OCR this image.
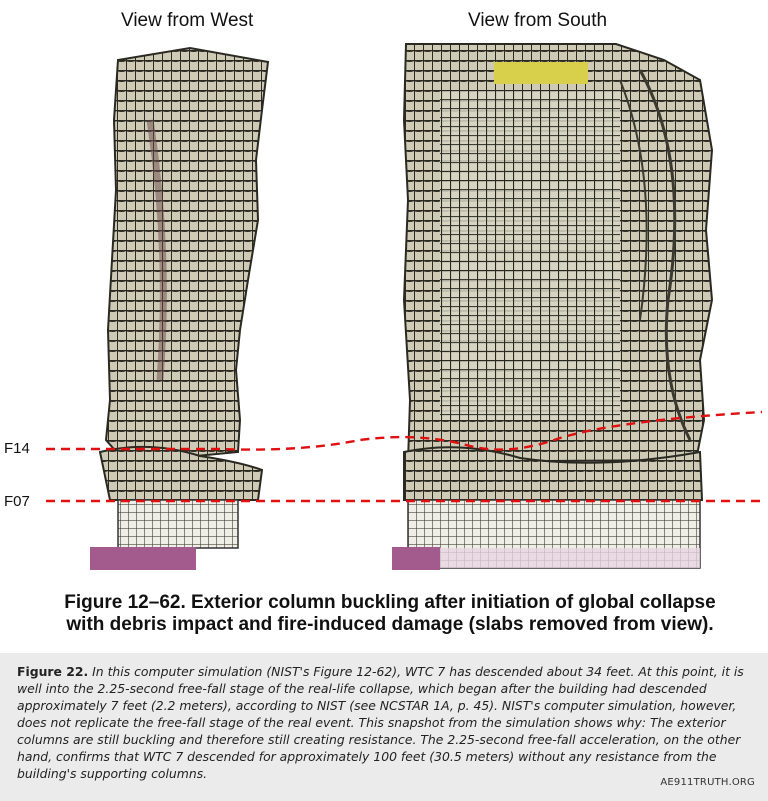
View from West	View from South
F14
F07
Figure 12–62. Exterior column buckling after initiation of global collapse with debris impact and fire-induced damage (slabs removed from view).
Figure 22. In this computer simulation (NIST's Figure 12-62), WTC 7 has descended about 34 feet. At this point, it is well into the 2.25-second free-fall stage of the real-life collapse, which began after the building had descended approximately 7 feet (2.2 meters), according to NIST (see NCSTAR 1A, p. 45). NIST's computer simulation, however, does not replicate the free-fall stage of the real event. This snapshot from the simulation shows why: The exterior columns are still buckling and therefore still creating resistance. The 2.25-second free-fall acceleration, on the other hand, confirms that WTC 7 descended for approximately 100 feet (30.5 meters) without any resistance from the building's supporting columns.
AE911TRUTH.ORG
